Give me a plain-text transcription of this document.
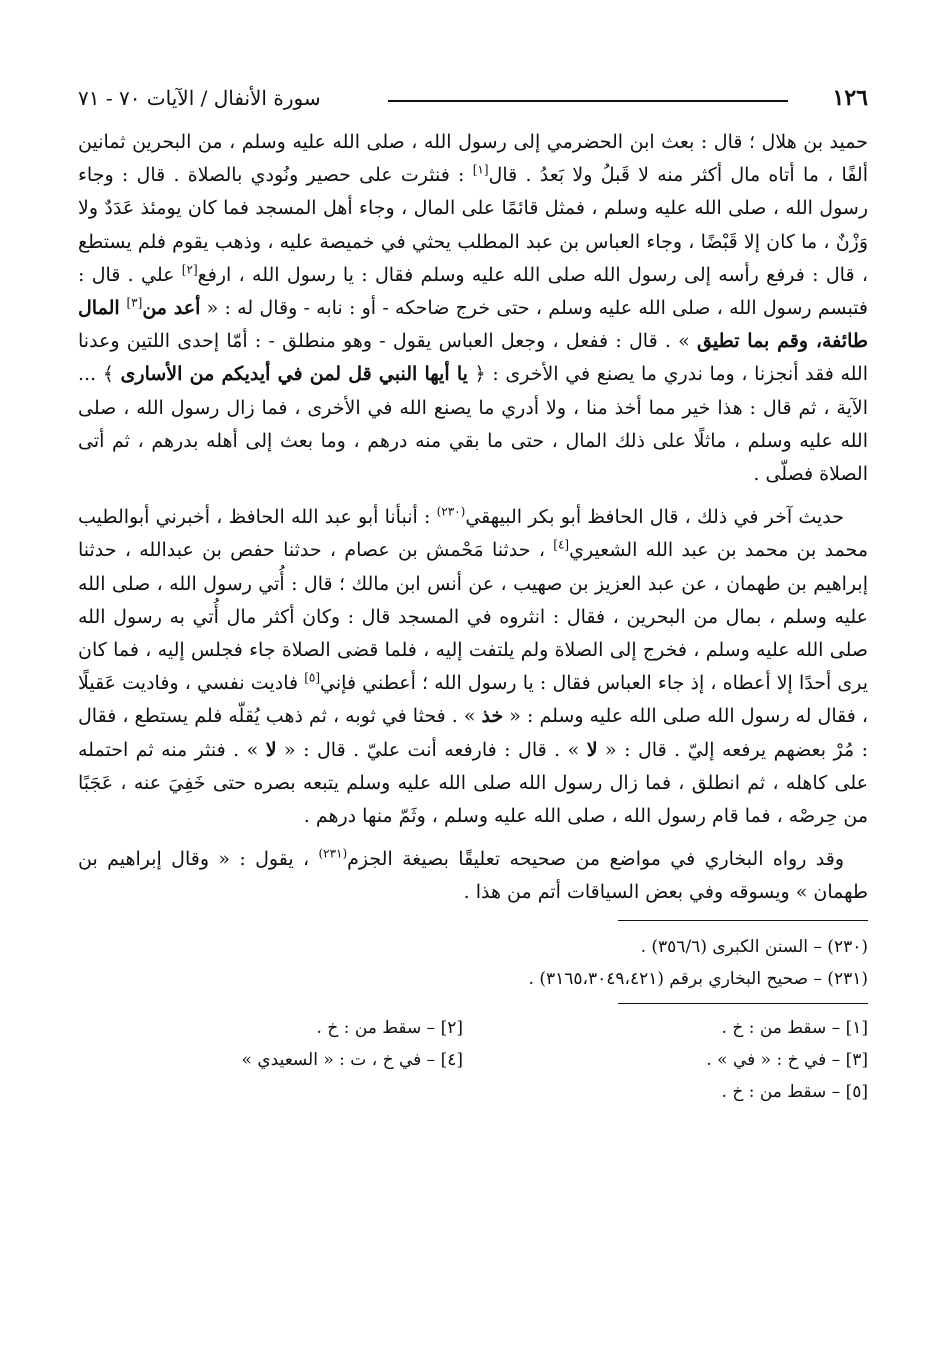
١٢٦
سورة الأنفال / الآيات ٧٠ - ٧١

حميد بن هلال ؛ قال : بعث ابن الحضرمي إلى رسول الله ، صلى الله عليه وسلم ، من البحرين ثمانين ألفًا ، ما أتاه مال أكثر منه لا قَبلُ ولا بَعدُ . قال[١] : فنثرت على حصير ونُودي بالصلاة . قال : وجاء رسول الله ، صلى الله عليه وسلم ، فمثل قائمًا على المال ، وجاء أهل المسجد فما كان يومئذ عَدَدٌ ولا وَزْنٌ ، ما كان إلا قَبْضًا ، وجاء العباس بن عبد المطلب يحثي في خميصة عليه ، وذهب يقوم فلم يستطع ، قال : فرفع رأسه إلى رسول الله صلى الله عليه وسلم فقال : يا رسول الله ، ارفع[٢] علي . قال : فتبسم رسول الله ، صلى الله عليه وسلم ، حتى خرج ضاحكه - أو : نابه - وقال له : « أعد من[٣] المال طائفة، وقم بما تطيق » . قال : ففعل ، وجعل العباس يقول - وهو منطلق - : أمّا إحدى اللتين وعدنا الله فقد أنجزنا ، وما ندري ما يصنع في الأخرى : ﴿ يا أيها النبي قل لمن في أيديكم من الأسارى ﴾ ... الآية ، ثم قال : هذا خير مما أخذ منا ، ولا أدري ما يصنع الله في الأخرى ، فما زال رسول الله ، صلى الله عليه وسلم ، ماثلًا على ذلك المال ، حتى ما بقي منه درهم ، وما بعث إلى أهله بدرهم ، ثم أتى الصلاة فصلّى .

حديث آخر في ذلك ، قال الحافظ أبو بكر البيهقي$^{(٢٣٠)}$ : أنبأنا أبو عبد الله الحافظ ، أخبرني أبوالطيب محمد بن محمد بن عبد الله الشعيري[٤] ، حدثنا مَحْمش بن عصام ، حدثنا حفص بن عبدالله ، حدثنا إبراهيم بن طهمان ، عن عبد العزيز بن صهيب ، عن أنس ابن مالك ؛ قال : أُتي رسول الله ، صلى الله عليه وسلم ، بمال من البحرين ، فقال : انثروه في المسجد قال : وكان أكثر مال أُتي به رسول الله صلى الله عليه وسلم ، فخرج إلى الصلاة ولم يلتفت إليه ، فلما قضى الصلاة جاء فجلس إليه ، فما كان يرى أحدًا إلا أعطاه ، إذ جاء العباس فقال : يا رسول الله ؛ أعطني فإني[٥] فاديت نفسي ، وفاديت عَقيلًا ، فقال له رسول الله صلى الله عليه وسلم : « خذ » . فحثا في ثوبه ، ثم ذهب يُقلّه فلم يستطع ، فقال : مُرْ بعضهم يرفعه إليّ . قال : « لا » . قال : فارفعه أنت عليّ . قال : « لا » . فنثر منه ثم احتمله على كاهله ، ثم انطلق ، فما زال رسول الله صلى الله عليه وسلم يتبعه بصره حتى خَفِيَ عنه ، عَجَبًا من حِرصْه ، فما قام رسول الله ، صلى الله عليه وسلم ، وثَمّ منها درهم .

وقد رواه البخاري في مواضع من صحيحه تعليقًا بصيغة الجزم$^{(٢٣١)}$ ، يقول : « وقال إبراهيم بن طهمان » ويسوقه وفي بعض السياقات أتم من هذا .

(٢٣٠) – السنن الكبرى (٣٥٦/٦) .

(٢٣١) – صحيح البخاري برقم (٣١٦٥،٣٠٤٩،٤٢١) .

[١] – سقط من : خ .

[٢] – سقط من : خ .

[٣] – في خ : « في » .

[٤] – في خ ، ت : « السعيدي »

[٥] – سقط من : خ .
